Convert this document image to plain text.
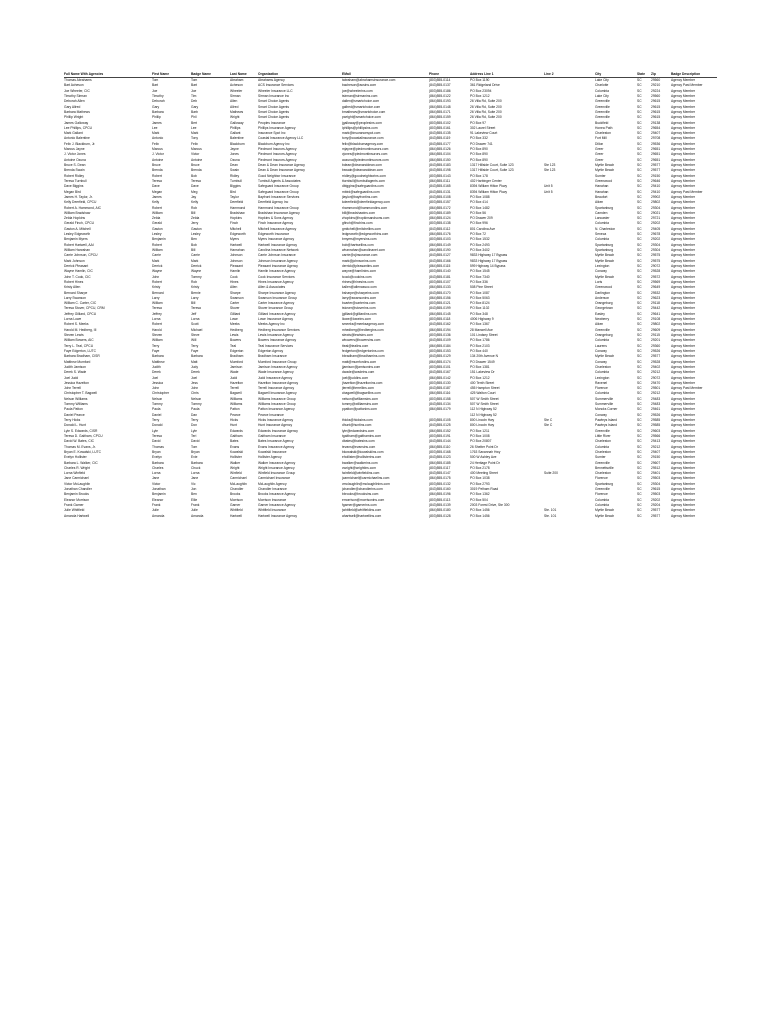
Full Name With Agencies	First Name	Badge Name	Last Name	Organization	EMail	Phone	Address Line 1	Line 2	City	State	Zip	Badge Description
Thomas Abrahams	Tom	Tom	Abraham	Abrahams Agency	tabraham@abrahamsinsurance.com	(803)555-0114	PO Box 1190		Lake City	SC	29560	Agency Member
Bart Acheson	Bart	Bart	Acheson	ACS Insurance Services	bacheson@acsins.com	(843)555-0137	361 Ridgeland Drive		Charlotte	SC	29210	Agency Past Member
Joe Wheeler, CIC	Joe	Joe	Wheeler	Wheeler Insurance LLC	joe@wheelerins.com	(803)555-0186	PO Box 23094		Columbia	SC	29224	Agency Member
Timothy Sirman	Timothy	Tim	Sirman	Sirman Insurance Inc	tsirman@sirmanins.com	(864)555-0122	PO Box 1212		Lake City	SC	29560	Agency Member
Deborah Allen	Deborah	Deb	Allen	Smart Choice Agents	dallen@smartchoice.com	(864)555-0193	26 Villa Rd, Suite 200		Greenville	SC	29615	Agency Member
Gary Allred	Gary	Gary	Allred	Smart Choice Agents	gallred@smartchoice.com	(864)555-0148	26 Villa Rd, Suite 200		Greenville	SC	29615	Agency Member
Barbara Mathews	Barbara	Barb	Mathews	Smart Choice Agents	bmathews@smartchoice.com	(864)555-0171	26 Villa Rd, Suite 200		Greenville	SC	29615	Agency Member
Phillip Wright	Phillip	Phil	Wright	Smart Choice Agents	pwright@smartchoice.com	(864)555-0159	26 Villa Rd, Suite 200		Greenville	SC	29615	Agency Member
James Galloway	James	Bert	Galloway	Peoples Insurance	jgalloway@peoplesins.com	(803)555-0102	PO Box 97		Buckfield	SC	29138	Agency Member
Lee Phillips, CPCU	Lee	Lee	Phillips	Phillips Insurance Agency	lphillips@phillipsins.com	(803)555-0161	302 Laurel Street		Honea Path	SC	29654	Agency Member
Mark Gallant	Mark	Mark	Gallant	Insurance Spot Inc	mark@insurancespot.com	(843)555-0135	91 Lakeview Court		Charleston	SC	29407	Agency Member
Antonio Balentine	Antonio	Tony	Balentine	Coastal Insurance Agency LLC	tony@coastalinsurance.com	(843)555-0119	PO Box 332		Fort Mill	SC	29708	Agency Member
Felix J. Blackburn, Jr.	Felix	Felix	Blackburn	Blackburn Agency Inc	felix@blackburnagency.com	(843)555-0177	PO Drawer 741		Dillon	SC	29536	Agency Member
Marcus Jayne	Marcus	Marcus	Jayne	Piedmont Insurors Agency	mjayne@piedmontinsurors.com	(864)555-0126	PO Box 890		Greer	SC	29651	Agency Member
J. Victor Jones	J. Victor	Victor	Jones	Piedmont Insurors Agency	vjones@piedmontinsurors.com	(864)555-0104	PO Box 890		Greer	SC	29651	Agency Member
Antoine Ozuna	Antoine	Antoine	Ozuna	Piedmont Insurors Agency	aozuna@piedmontinsurors.com	(864)555-0150	PO Box 890		Greer	SC	29651	Agency Member
Bruce S. Dean	Bruce	Bruce	Dean	Dean & Dean Insurance Agency	bdean@deananddean.com	(843)555-0183	1317 Hillside Court, Suite 123	Ste 123	Myrtle Beach	SC	29577	Agency Member
Brenda Swain	Brenda	Brenda	Swain	Dean & Dean Insurance Agency	bswain@deananddean.com	(843)555-0198	1317 Hillside Court, Suite 123	Ste 123	Myrtle Beach	SC	29577	Agency Member
Robert Ridley	Robert	Bob	Ridley	Good Neighbor Insurance	rridley@goodneighborins.com	(803)555-0143	PO Box 178		Sumter	SC	29150	Agency Member
Teresa Turnbull	Teresa	Teresa	Turnbull	Turnbull Agents & Associates	tturnbull@turnbullagents.com	(864)555-0111	402 Harbinger Center		Greenwood	SC	29646	Agency Member
Dave Biggins	Dave	Dave	Biggins	Safeguard Insurance Group	dbiggins@safeguardins.com	(843)555-0165	8394 William Hilton Pkwy	Unit 5	Hanahan	SC	29410	Agency Member
Megan Bird	Megan	Meg	Bird	Safeguard Insurance Group	mbird@safeguardins.com	(843)555-0131	8394 William Hilton Pkwy	Unit 5	Hanahan	SC	29410	Agency Past Member
James H. Taylor, Jr.	James	Jay	Taylor	Bayfront Insurance Services	jtaylor@bayfrontins.com	(843)555-0108	PO Box 1088		Beaufort	SC	29902	Agency Member
Kelly Deerfield, CPCU	Kelly	Kelly	Deerfield	Deerfield Agency Inc	kdeerfield@deerfieldagency.com	(803)555-0157	PO Box 414		Aiken	SC	29802	Agency Member
Robert A. Hammond, AIC	Robert	Rob	Hammond	Hammond Insurance Group	rhammond@hammondins.com	(864)555-0172	PO Box 1482		Spartanburg	SC	29304	Agency Member
William Bradshaw	William	Bill	Bradshaw	Bradshaw Insurance Agency	bill@bradshawins.com	(803)555-0189	PO Box 56		Camden	SC	29021	Agency Member
Zelda Hopkins	Zelda	Zelda	Hopkins	Hopkins & Sons Agency	zhopkins@hopkinsandsons.com	(864)555-0124	PO Drawer 209		Lancaster	SC	29721	Agency Member
Gerald Finch, CPCU	Gerald	Jerry	Finch	Finch Insurance Agency	gfinch@finchins.com	(803)555-0138	PO Box 996		Columbia	SC	29202	Agency Member
Gaston A. Mitchell	Gaston	Gaston	Mitchell	Mitchell Insurance Agency	gmitchell@mitchellins.com	(843)555-0112	801 Carolina Ave		N. Charleston	SC	29405	Agency Member
Lesley Edgeworth	Lesley	Lesley	Edgeworth	Edgeworth Insurance	ledgeworth@edgeworthins.com	(864)555-0176	PO Box 72		Seneca	SC	29678	Agency Member
Benjamin Myers	Benjamin	Ben	Myers	Myers Insurance Agency	bmyers@myersins.com	(803)555-0103	PO Box 1532		Columbia	SC	29202	Agency Member
Robert Hartwell, AAI	Robert	Bob	Hartwell	Hartwell Insurance Agency	bob@hartwellins.com	(864)555-0149	PO Box 2493		Spartanburg	SC	29304	Agency Member
William Hanrahan	William	Bill	Hanrahan	Carolina Insurance Network	whanrahan@carolinanet.com	(864)555-0190	PO Box 3402		Spartanburg	SC	29304	Agency Member
Carrie Johnson, CPCU	Carrie	Carrie	Johnson	Carrie Johnson Insurance	carrie@cjinsurance.com	(843)555-0127	9833 Highway 17 Bypass		Myrtle Beach	SC	29575	Agency Member
Mark Johnson	Mark	Mark	Johnson	Johnson Insurance Agency	mark@johnsonins.com	(843)555-0166	9833 Highway 17 Bypass		Myrtle Beach	SC	29575	Agency Member
Derrick Pleasant	Derrick	Derrick	Pleasant	Pleasant Insurance Agency	derrick@pleasantins.com	(864)555-0115	599 Highway 14 Bypass		Lexington	SC	29072	Agency Member
Wayne Hamlin, CIC	Wayne	Wayne	Hamlin	Hamlin Insurance Agency	wayne@hamlinins.com	(803)555-0140	PO Box 1545		Conway	SC	29528	Agency Member
John T. Cook, CIC	John	Tommy	Cook	Cook Insurance Services	tcook@cookins.com	(843)555-0181	PO Box 7340		Myrtle Beach	SC	29572	Agency Member
Robert Hines	Robert	Rob	Hines	Hines Insurance Agency	rhines@hinesins.com	(803)555-0107	PO Box 336		Loris	SC	29569	Agency Member
Kristy Allen	Kristy	Kristy	Allen	Allen & Associates	kallen@allenassoc.com	(864)555-0133	508 Pine Street		Greenwood	SC	29649	Agency Member
Bernard Sharpe	Bernard	Bernie	Sharpe	Sharpe Insurance Agency	bsharpe@sharpeins.com	(843)555-0170	PO Box 1087		Darlington	SC	29532	Agency Member
Larry Swanson	Larry	Larry	Swanson	Swanson Insurance Group	larry@swansonins.com	(864)555-0156	PO Box 5063		Anderson	SC	29623	Agency Member
William C. Carter, CIC	William	Bill	Carter	Carter Insurance Agency	bcarter@carterins.com	(803)555-0121	PO Box 8124		Orangeburg	SC	29118	Agency Member
Teresa Stover, CPCU, CRM	Teresa	Teresa	Stover	Stover Insurance Group	tstover@stoverins.com	(843)555-0199	PO Box 1102		Georgetown	SC	29442	Agency Member
Jeffrey Gilliard, CPCU	Jeffrey	Jeff	Gilliard	Gilliard Insurance Agency	jgilliard@gilliardins.com	(864)555-0145	PO Box 348		Easley	SC	29641	Agency Member
Lorna Lowe	Lorna	Lorna	Lowe	Lowe Insurance Agency	llowe@loweins.com	(803)555-0118	4006 Highway 9		Newberry	SC	29108	Agency Member
Robert S. Meeks	Robert	Scott	Meeks	Meeks Agency Inc	smeeks@meeksagency.com	(843)555-0162	PO Box 1367		Aiken	SC	29802	Agency Member
Harold M. Hedberg, III	Harold	Michael	Hedberg	Hedberg Insurance Services	mhedberg@hedbergins.com	(864)555-0194	28 Maxwell Ave		Greenville	SC	29609	Agency Member
Steven Lewis	Steven	Steve	Lewis	Lewis Insurance Agency	slewis@lewisins.com	(803)555-0136	101 Lindsey Street		Orangeburg	SC	29115	Agency Member
William Bowers, AIC	William	Will	Bowers	Bowers Insurance Agency	wbowers@bowersins.com	(843)555-0109	PO Box 1786		Columbia	SC	29201	Agency Member
Terry L. Teal, CPCU	Terry	Terry	Teal	Teal Insurance Services	tteal@tealins.com	(864)555-0184	PO Box 2103		Laurens	SC	29360	Agency Member
Faye Edgerton, LUTC	Faye	Faye	Edgerton	Edgerton Agency	fedgerton@edgertonins.com	(803)555-0153	PO Box 440		Conway	SC	29526	Agency Member
Barbara Bradham, CISR	Barbara	Barbara	Bradham	Bradham Insurance	bbradham@bradhamins.com	(843)555-0129	134 20th Avenue N		Myrtle Beach	SC	29577	Agency Member
Matthew Mumford	Matthew	Matt	Mumford	Mumford Insurance Group	matt@mumfordins.com	(864)555-0174	PO Drawer 1549		Conway	SC	29528	Agency Member
Judith Jamison	Judith	Judy	Jamison	Jamison Insurance Agency	jjamison@jamisonins.com	(803)555-0101	PO Box 1381		Charleston	SC	29402	Agency Member
Derek S. Wade	Derek	Derek	Wade	Wade Insurance Agency	dwade@wadeins.com	(843)555-0167	151 Lakeview Dr		Columbia	SC	29212	Agency Member
Joel Judd	Joel	Joel	Judd	Judd Insurance Agency	joel@juddins.com	(864)555-0142	PO Box 1212		Lexington	SC	29072	Agency Member
Jessica Hazelton	Jessica	Jess	Hazelton	Hazelton Insurance Agency	jhazelton@hazeltonins.com	(803)555-0130	400 Tenth Street		Ravenel	SC	29470	Agency Member
John Terrell	John	John	Terrell	Terrell Insurance Agency	jterrell@terrellins.com	(843)555-0187	455 Hampton Street		Florence	SC	29501	Agency Past Member
Christopher T. Bagwell	Christopher	Chris	Bagwell	Bagwell Insurance Agency	cbagwell@bagwellins.com	(864)555-0116	425 Walton Court		Columbia	SC	29212	Agency Member
Nelson Williams	Nelson	Nelson	Williams	Williams Insurance Group	nelson@williamsins.com	(803)555-0158	507 W Smith Street		Summerville	SC	29483	Agency Member
Tommy Williams	Tommy	Tommy	Williams	Williams Insurance Group	tommy@williamsins.com	(843)555-0134	507 W Smith Street		Summerville	SC	29483	Agency Member
Paula Patton	Paula	Paula	Patton	Patton Insurance Agency	ppatton@pattonins.com	(864)555-0179	112 N Highway 52		Moncks Corner	SC	29461	Agency Member
Daniel Pearce	Daniel	Dan	Pearce	Pearce Insurance			112 N Highway 52		Conway	SC	29526	Agency Member
Terry Hicks	Terry	Terry	Hicks	Hicks Insurance Agency	thicks@hicksins.com	(803)555-0105	800 Lincoln Hwy	Ste C	Pawleys Island	SC	29585	Agency Member
Donald L. Hunt	Donald	Don	Hunt	Hunt Insurance Agency	dhunt@huntins.com	(843)555-0125	800 Lincoln Hwy	Ste C	Pawleys Island	SC	29585	Agency Member
Lyle S. Edwards, CISR	Lyle	Lyle	Edwards	Edwards Insurance Agency	lyle@edwardsins.com	(864)555-0152	PO Box 1211		Greenville	SC	29603	Agency Member
Teresa D. Gaitham, CPCU	Teresa	Teri	Gaitham	Gaitham Insurance	tgaitham@gaithamins.com	(803)555-0191	PO Box 1008		Little River	SC	29566	Agency Member
David W. Bates, CIC	David	David	Bates	Bates Insurance Agency	dbates@batesins.com	(843)555-0144	PO Box 20807		Charleston	SC	29413	Agency Member
Thomas M. Evans, Jr.	Thomas	Tom	Evans	Evans Insurance Agency	tevans@evansins.com	(864)555-0110	26 Shelter Point Dr		Columbia	SC	29212	Agency Member
Bryan E. Kowalski, LUTC	Bryan	Bryan	Kowalski	Kowalski Insurance	bkowalski@kowalskiins.com	(803)555-0168	1763 Savannah Hwy		Charleston	SC	29407	Agency Member
Evelyn Hollister	Evelyn	Evie	Hollister	Hollister Agency	ehollister@hollisterins.com	(843)555-0123	500 W Ashley Ave		Sumter	SC	29150	Agency Member
Barbara L. Walker, CIC	Barbara	Barbara	Walker	Walker Insurance Agency	bwalker@walkerins.com	(864)555-0185	24 Heritage Point Dr		Greenville	SC	29607	Agency Member
Charles R. Wright	Charles	Chuck	Wright	Wright Insurance Agency	cwright@wrightins.com	(803)555-0117	PO Box 2178		Bennettsville	SC	29512	Agency Member
Lorna Winfield	Lorna	Lorna	Winfield	Winfield Insurance Group	lwinfield@winfieldins.com	(843)555-0147	400 Meeting Street	Suite 200	Charleston	SC	29401	Agency Member
Jane Carmichael	Jane	Jane	Carmichael	Carmichael Insurance	jcarmichael@carmichaelins.com	(864)555-0175	PO Box 1038		Florence	SC	29503	Agency Member
Victor McLaughlin	Victor	Vic	McLaughlin	McLaughlin Agency	vmclaughlin@mclaughlinins.com	(803)555-0132	PO Box 2793		Spartanburg	SC	29304	Agency Member
Jonathan Chandler	Jonathan	Jon	Chandler	Chandler Insurance	jchandler@chandlerins.com	(843)555-0160	3019 Pelham Road		Greenville	SC	29615	Agency Member
Benjamin Brooks	Benjamin	Ben	Brooks	Brooks Insurance Agency	bbrooks@brooksins.com	(864)555-0196	PO Box 1362		Florence	SC	29503	Agency Member
Eleanor Morrison	Eleanor	Ellie	Morrison	Morrison Insurance	emorrison@morrisonins.com	(803)555-0113	PO Box 504		Columbia	SC	29202	Agency Member
Frank Garner	Frank	Frank	Garner	Garner Insurance Agency	fgarner@garnerins.com	(843)555-0139	2003 Forest Drive, Ste 300		Columbia	SC	29204	Agency Member
Julie Whitfield	Julie	Julie	Whitfield	Whitfield Insurance	jwhitfield@whitfieldins.com	(864)555-0180	PO Box 1456	Ste. 101	Myrtle Beach	SC	29577	Agency Member
Amanda Hartwell	Amanda	Amanda	Hartwell	Hartwell Insurance Agency	ahartwell@hartwellins.com	(803)555-0128	PO Box 1456	Ste. 101	Myrtle Beach	SC	29577	Agency Member
